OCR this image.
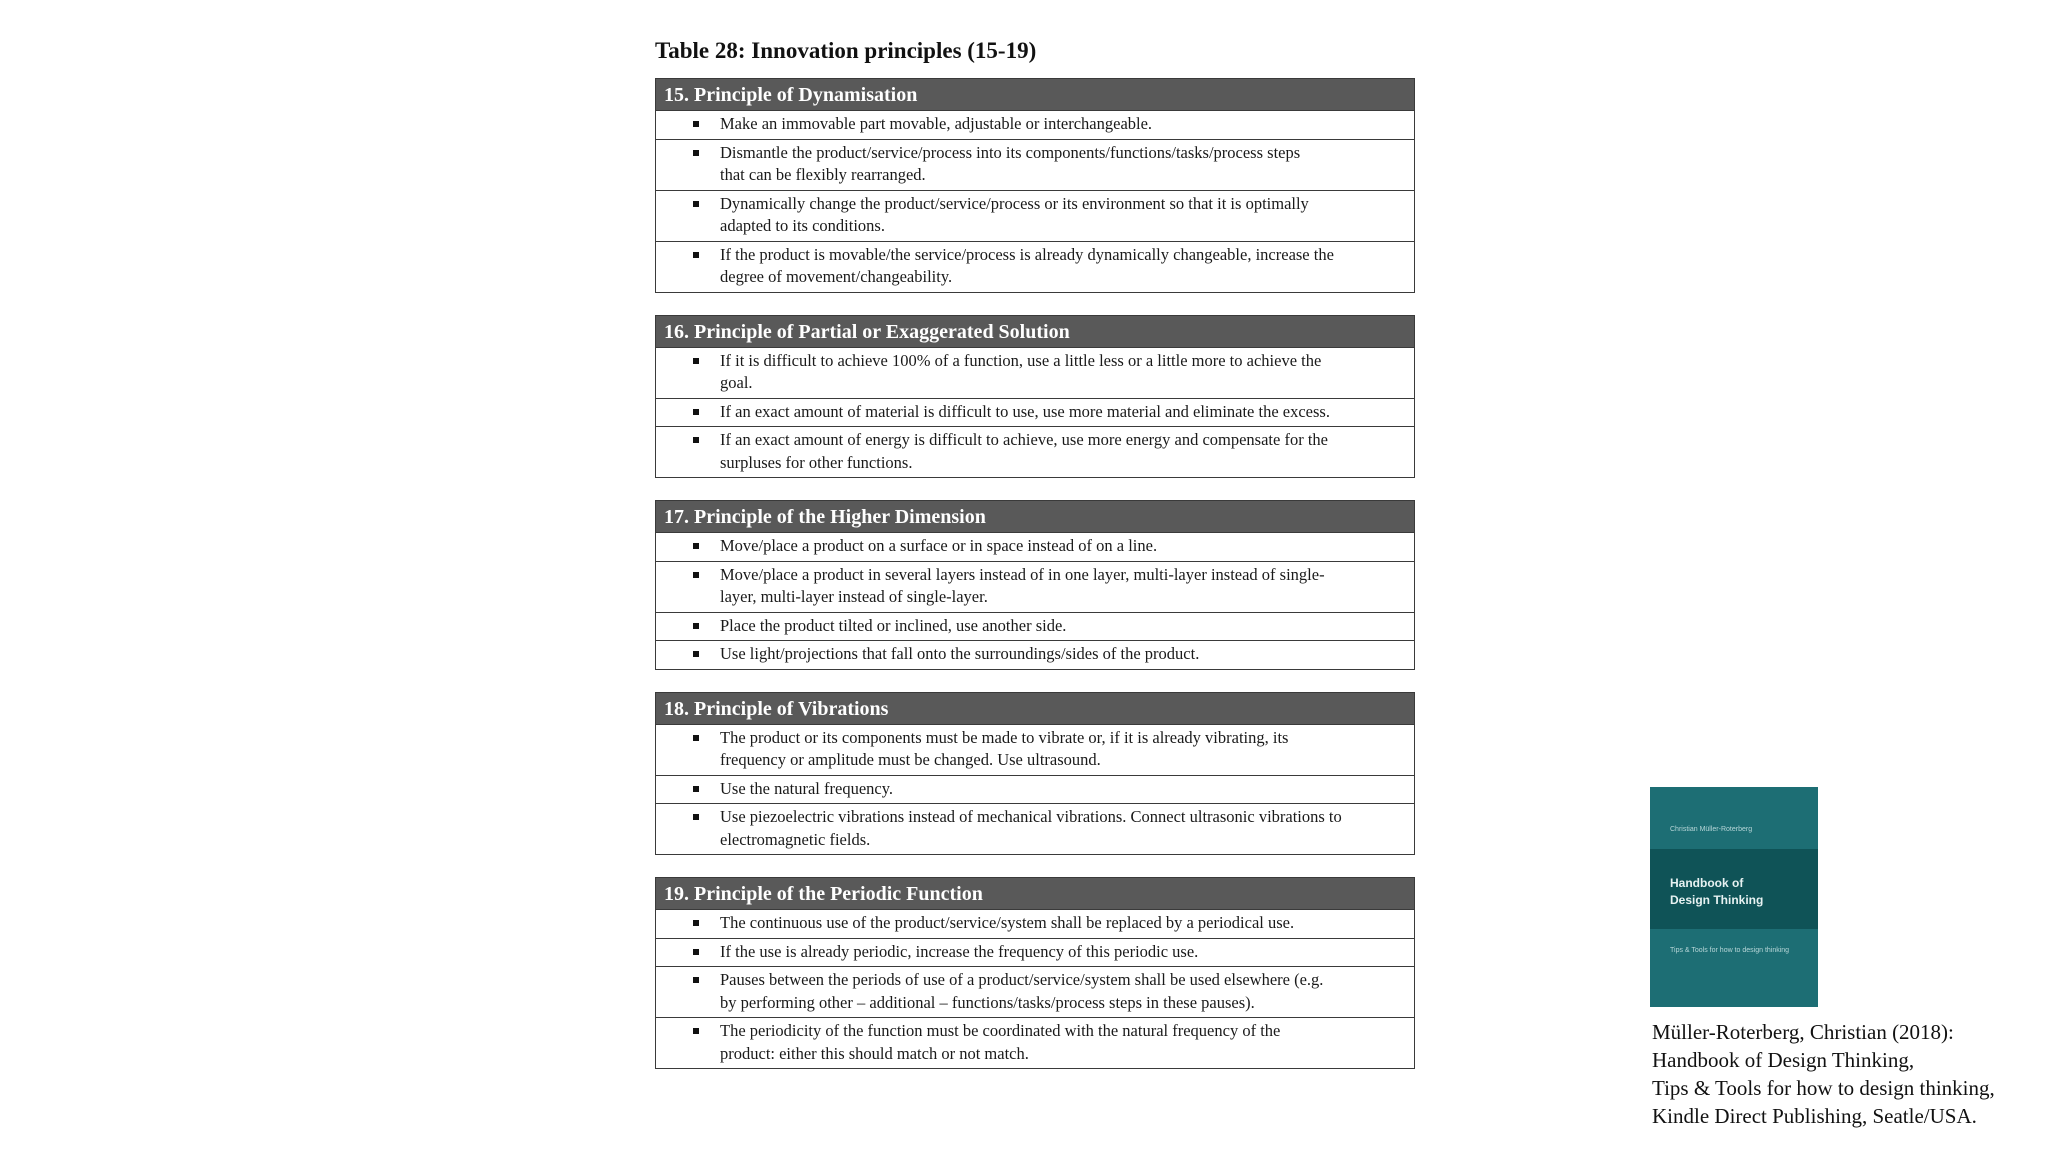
Table 28: Innovation principles (15-19)
15. Principle of Dynamisation
Make an immovable part movable, adjustable or interchangeable.
Dismantle the product/service/process into its components/functions/tasks/process steps
that can be flexibly rearranged.
Dynamically change the product/service/process or its environment so that it is optimally
adapted to its conditions.
If the product is movable/the service/process is already dynamically changeable, increase the
degree of movement/changeability.
16. Principle of Partial or Exaggerated Solution
If it is difficult to achieve 100% of a function, use a little less or a little more to achieve the
goal.
If an exact amount of material is difficult to use, use more material and eliminate the excess.
If an exact amount of energy is difficult to achieve, use more energy and compensate for the
surpluses for other functions.
17. Principle of the Higher Dimension
Move/place a product on a surface or in space instead of on a line.
Move/place a product in several layers instead of in one layer, multi-layer instead of single-
layer, multi-layer instead of single-layer.
Place the product tilted or inclined, use another side.
Use light/projections that fall onto the surroundings/sides of the product.
18. Principle of Vibrations
The product or its components must be made to vibrate or, if it is already vibrating, its
frequency or amplitude must be changed. Use ultrasound.
Use the natural frequency.
Use piezoelectric vibrations instead of mechanical vibrations. Connect ultrasonic vibrations to
electromagnetic fields.
19. Principle of the Periodic Function
The continuous use of the product/service/system shall be replaced by a periodical use.
If the use is already periodic, increase the frequency of this periodic use.
Pauses between the periods of use of a product/service/system shall be used elsewhere (e.g.
by performing other – additional – functions/tasks/process steps in these pauses).
The periodicity of the function must be coordinated with the natural frequency of the
product: either this should match or not match.
Christian Müller-Roterberg
Handbook of
Design Thinking
Tips & Tools for how to design thinking
Müller-Roterberg, Christian (2018):
Handbook of Design Thinking,
Tips & Tools for how to design thinking,
Kindle Direct Publishing, Seatle/USA.
